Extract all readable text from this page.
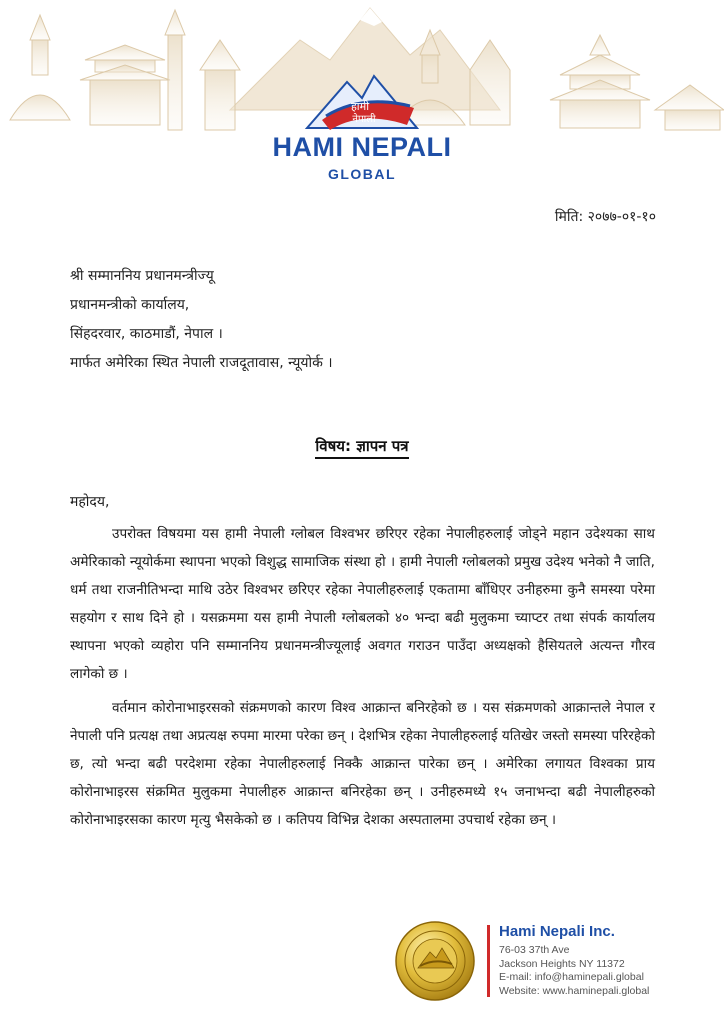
हामी
नेपाली
HAMI NEPALI
GLOBAL
मिति: २०७७-०१-१०
श्री सम्माननिय प्रधानमन्त्रीज्यू
प्रधानमन्त्रीको कार्यालय,
सिंहदरवार, काठमाडौं, नेपाल ।
मार्फत अमेरिका स्थित नेपाली राजदूतावास, न्यूयोर्क ।
विषय: ज्ञापन पत्र
महोदय,

उपरोक्त विषयमा यस हामी नेपाली ग्लोबल विश्वभर छरिएर रहेका नेपालीहरुलाई जोड्ने महान उदेश्यका साथ अमेरिकाको न्यूयोर्कमा स्थापना भएको विशुद्ध सामाजिक संस्था हो । हामी नेपाली ग्लोबलको प्रमुख उदेश्य भनेको नै जाति, धर्म तथा राजनीतिभन्दा माथि उठेर विश्वभर छरिएर रहेका नेपालीहरुलाई एकतामा बाँधिएर उनीहरुमा कुनै समस्या परेमा सहयोग र साथ दिने हो । यसक्रममा यस हामी नेपाली ग्लोबलको ४० भन्दा बढी मुलुकमा च्याप्टर तथा संपर्क कार्यालय स्थापना भएको व्यहोरा पनि सम्माननिय प्रधानमन्त्रीज्यूलाई अवगत गराउन पाउँदा अध्यक्षको हैसियतले अत्यन्त गौरव लागेको छ ।

वर्तमान कोरोनाभाइरसको संक्रमणको कारण विश्व आक्रान्त बनिरहेको छ । यस संक्रमणको आक्रान्तले नेपाल र नेपाली पनि प्रत्यक्ष तथा अप्रत्यक्ष रुपमा मारमा परेका छन् । देशभित्र रहेका नेपालीहरुलाई यतिखेर जस्तो समस्या परिरहेको छ, त्यो भन्दा बढी परदेशमा रहेका नेपालीहरुलाई निक्कै आक्रान्त पारेका छन् । अमेरिका लगायत विश्वका प्राय कोरोनाभाइरस संक्रमित मुलुकमा नेपालीहरु आक्रान्त बनिरहेका छन् । उनीहरुमध्ये १५ जनाभन्दा बढी नेपालीहरुको कोरोनाभाइरसका कारण मृत्यु भैसकेको छ । कतिपय विभिन्न देशका अस्पतालमा उपचार्थ रहेका छन् ।

Hami Nepali Inc.
76-03 37th Ave
Jackson Heights NY 11372
E-mail: info@haminepali.global
Website: www.haminepali.global
